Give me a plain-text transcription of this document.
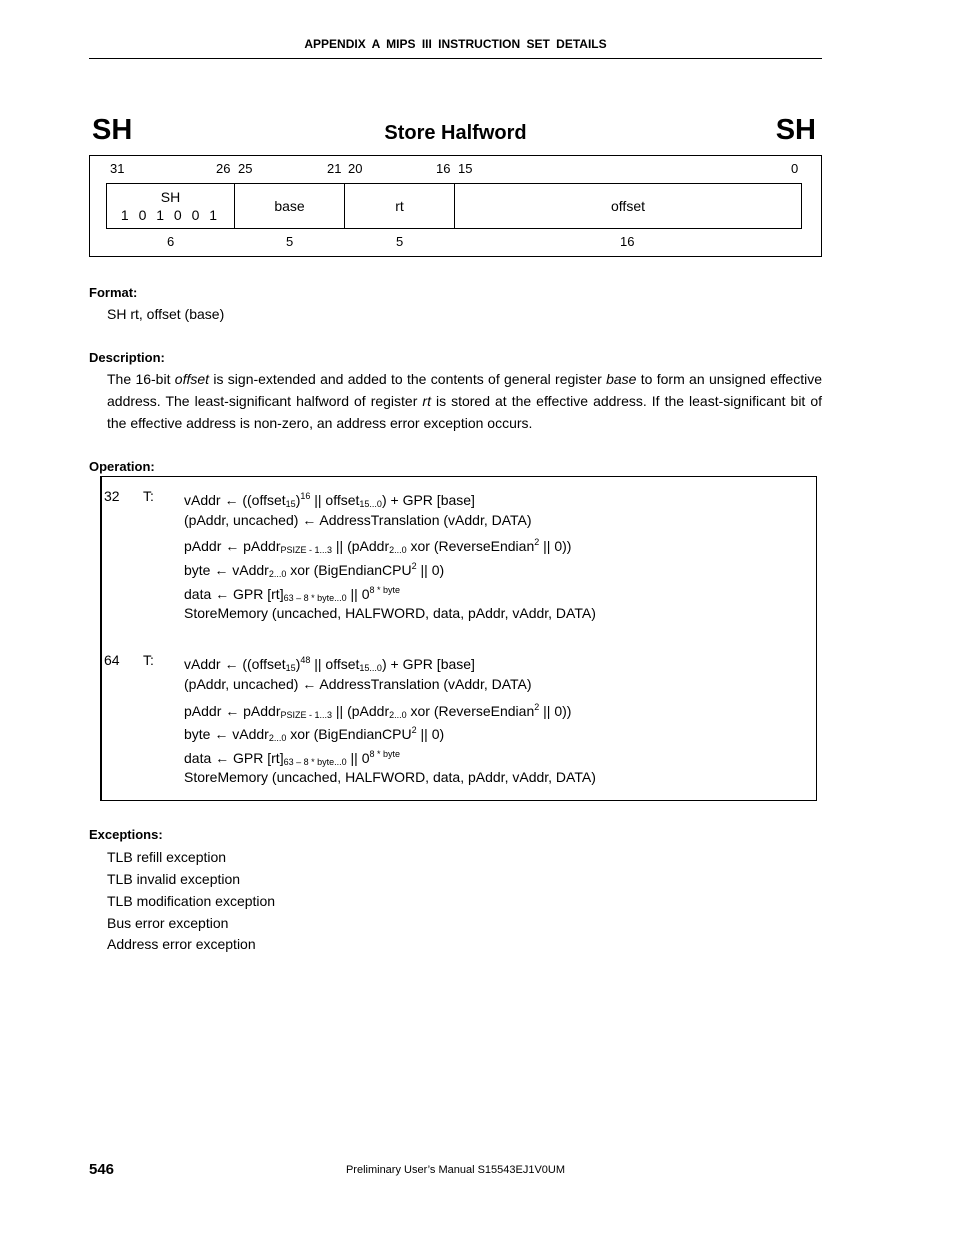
APPENDIX A MIPS III INSTRUCTION SET DETAILS
SH	Store Halfword	SH
31	26 25	21 20	16 15	0
SH
1 0 1 0 0 1
base	rt	offset
6	5	5	16
Format:
SH rt, offset (base)
Description:
The 16-bit offset is sign-extended and added to the contents of general register base to form an unsigned effective address. The least-significant halfword of register rt is stored at the effective address. If the least-significant bit of the effective address is non-zero, an address error exception occurs.
Operation:
32 T: vAddr ← ((offset$_{15}$)$^{16}$ || offset$_{15...0}$) + GPR [base]
(pAddr, uncached) ← AddressTranslation (vAddr, DATA)
pAddr ← pAddr$_{PSIZE - 1...3}$ || (pAddr$_{2...0}$ xor (ReverseEndian$^2$ || 0))
byte ← vAddr$_{2...0}$ xor (BigEndianCPU$^2$ || 0)
data ← GPR $[rt]_{63 - 8 * byte...0}$ || $0^{8 * byte}$
StoreMemory (uncached, HALFWORD, data, pAddr, vAddr, DATA)
64 T: vAddr ← ((offset$_{15}$)$^{48}$ || offset$_{15...0}$) + GPR [base]
(pAddr, uncached) ← AddressTranslation (vAddr, DATA)
pAddr ← pAddr$_{PSIZE - 1...3}$ || (pAddr$_{2...0}$ xor (ReverseEndian$^2$ || 0))
byte ← vAddr$_{2...0}$ xor (BigEndianCPU$^2$ || 0)
data ← GPR $[rt]_{63 - 8 * byte...0}$ || $0^{8 * byte}$
StoreMemory (uncached, HALFWORD, data, pAddr, vAddr, DATA)
Exceptions:
TLB refill exception
TLB invalid exception
TLB modification exception
Bus error exception
Address error exception
546	Preliminary User’s Manual S15543EJ1V0UM
